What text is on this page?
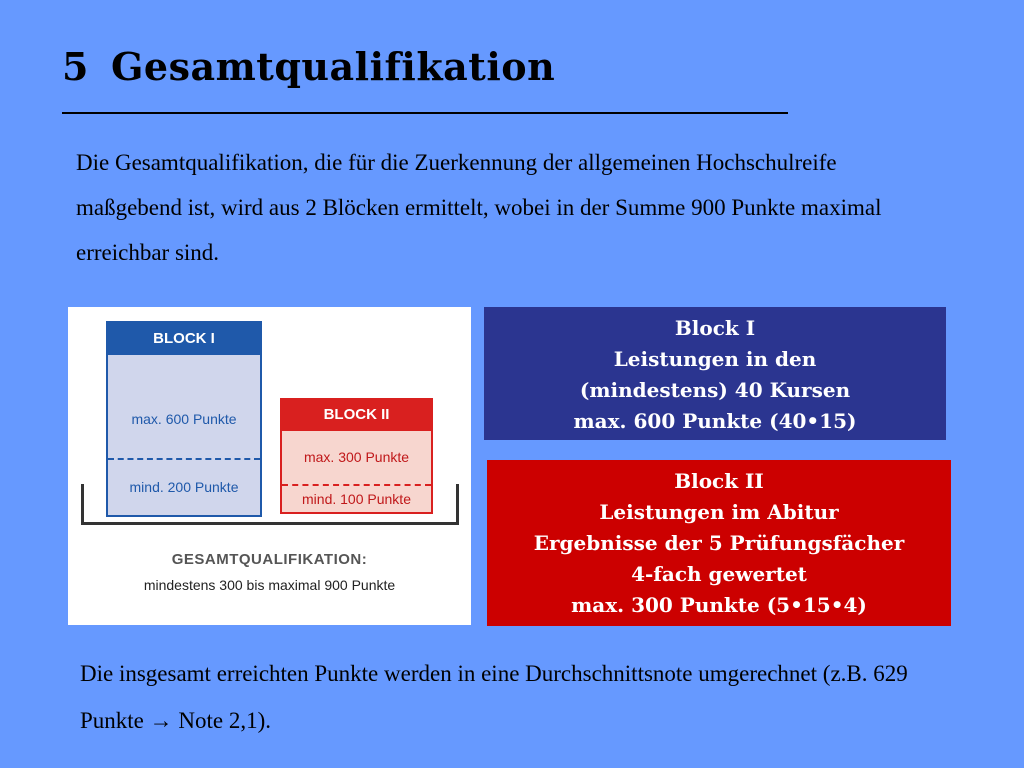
5 Gesamtqualifikation

Die Gesamtqualifikation, die für die Zuerkennung der allgemeinen Hochschulreife maßgebend ist, wird aus 2 Blöcken ermittelt, wobei in der Summe 900 Punkte maximal erreichbar sind.

BLOCK I
max. 600 Punkte
mind. 200 Punkte
BLOCK II
max. 300 Punkte
mind. 100 Punkte
GESAMTQUALIFIKATION:
mindestens 300 bis maximal 900 Punkte
Block I
Leistungen in den
(mindestens) 40 Kursen
max. 600 Punkte (40•15)
Block II
Leistungen im Abitur
Ergebnisse der 5 Prüfungsfächer
4-fach gewertet
max. 300 Punkte (5•15•4)

Die insgesamt erreichten Punkte werden in eine Durchschnittsnote umgerechnet (z.B. 629 Punkte → Note 2,1).
